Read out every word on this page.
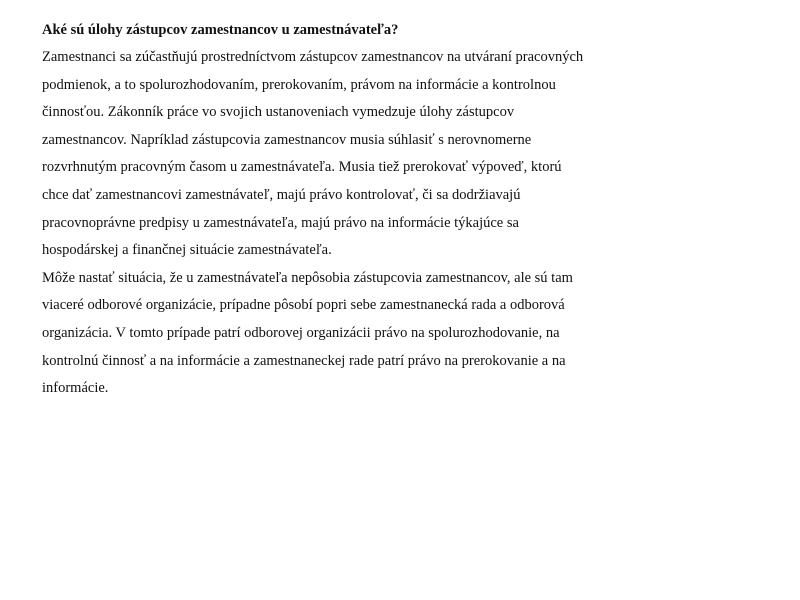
Aké sú úlohy zástupcov zamestnancov u zamestnávateľa?

Zamestnanci sa zúčastňujú prostredníctvom zástupcov zamestnancov na utváraní pracovných

podmienok, a to spolurozhodovaním, prerokovaním, právom na informácie a kontrolnou

činnosťou. Zákonník práce vo svojich ustanoveniach vymedzuje úlohy zástupcov

zamestnancov. Napríklad zástupcovia zamestnancov musia súhlasiť s nerovnomerne

rozvrhnutým pracovným časom u zamestnávateľa. Musia tiež prerokovať výpoveď, ktorú

chce dať zamestnancovi zamestnávateľ, majú právo kontrolovať, či sa dodržiavajú

pracovnoprávne predpisy u zamestnávateľa, majú právo na informácie týkajúce sa

hospodárskej a finančnej situácie zamestnávateľa.

Môže nastať situácia, že u zamestnávateľa nepôsobia zástupcovia zamestnancov, ale sú tam

viaceré odborové organizácie, prípadne pôsobí popri sebe zamestnanecká rada a odborová

organizácia. V tomto prípade patrí odborovej organizácii právo na spolurozhodovanie, na

kontrolnú činnosť a na informácie a zamestnaneckej rade patrí právo na prerokovanie a na

informácie.
